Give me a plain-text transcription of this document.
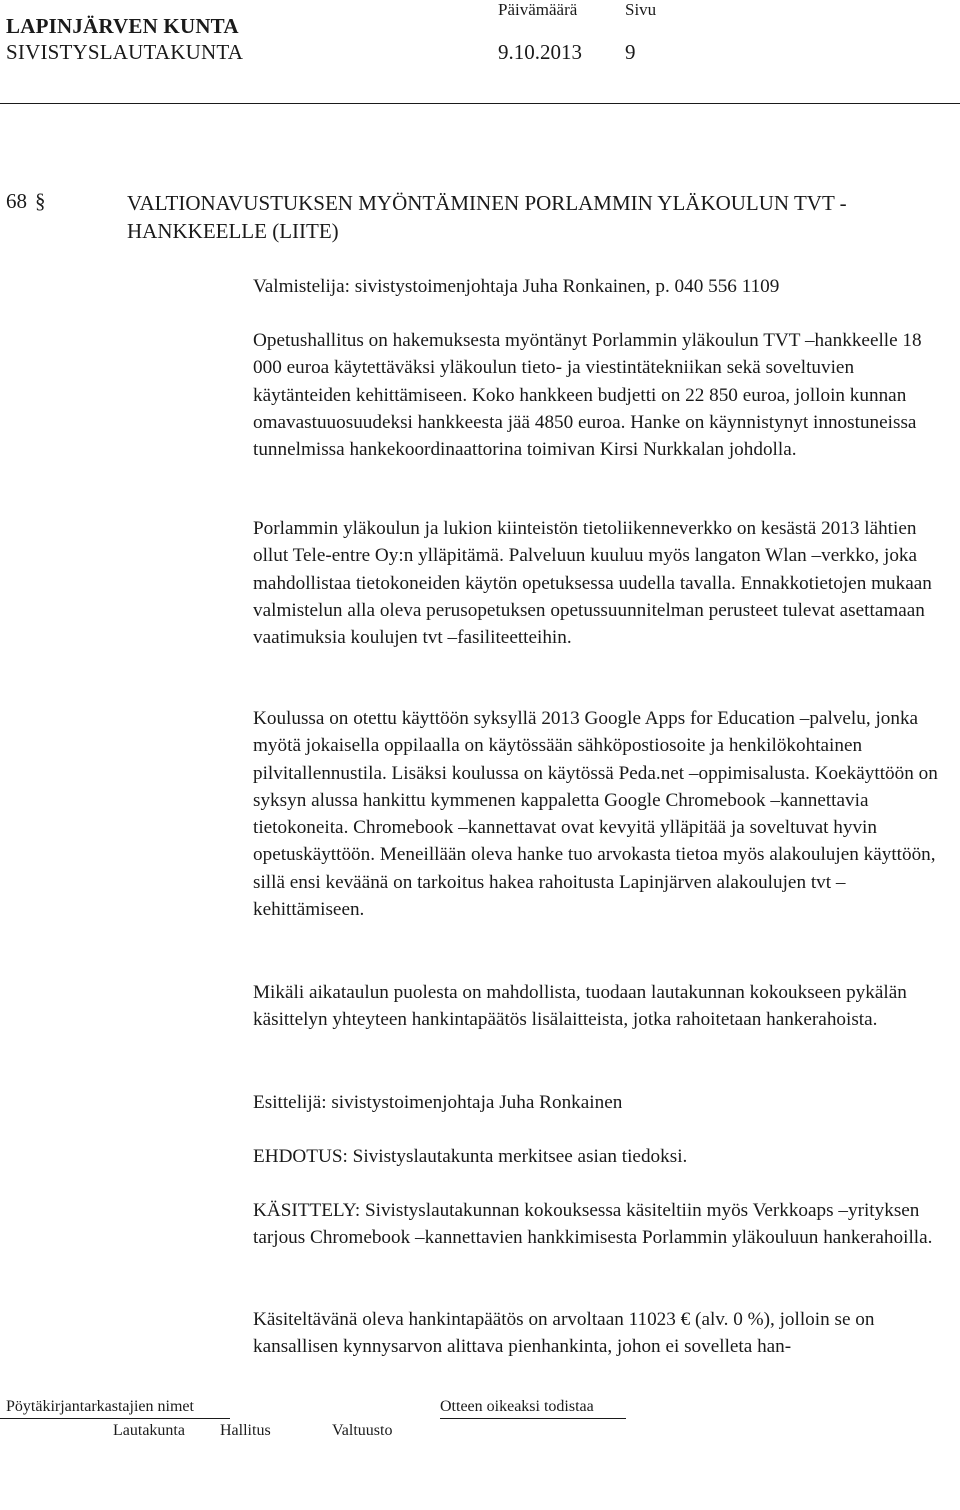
LAPINJÄRVEN KUNTA
SIVISTYSLAUTAKUNTA
Päivämäärä	Sivu
9.10.2013 9
68 §	VALTIONAVUSTUKSEN MYÖNTÄMINEN PORLAMMIN YLÄKOULUN TVT - HANKKEELLE (LIITE)
Valmistelija: sivistystoimenjohtaja Juha Ronkainen, p. 040 556 1109
Opetushallitus on hakemuksesta myöntänyt Porlammin yläkoulun TVT –hankkeelle 18 000 euroa käytettäväksi yläkoulun tieto- ja viestintätekniikan sekä soveltuvien käytänteiden kehittämiseen. Koko hankkeen budjetti on 22 850 euroa, jolloin kunnan omavastuuosuudeksi hankkeesta jää 4850 euroa. Hanke on käynnistynyt innostuneissa tunnelmissa hankekoordinaattorina toimivan Kirsi Nurkkalan johdolla.
Porlammin yläkoulun ja lukion kiinteistön tietoliikenneverkko on kesästä 2013 lähtien ollut Tele-entre Oy:n ylläpitämä. Palveluun kuuluu myös langaton Wlan –verkko, joka mahdollistaa tietokoneiden käytön opetuksessa uudella tavalla. Ennakkotietojen mukaan valmistelun alla oleva perusopetuksen opetussuunnitelman perusteet tulevat asettamaan vaatimuksia koulujen tvt –fasiliteetteihin.
Koulussa on otettu käyttöön syksyllä 2013 Google Apps for Education –palvelu, jonka myötä jokaisella oppilaalla on käytössään sähköpostiosoite ja henkilökohtainen pilvitallennustila. Lisäksi koulussa on käytössä Peda.net –oppimisalusta. Koekäyttöön on syksyn alussa hankittu kymmenen kappaletta Google Chromebook –kannettavia tietokoneita. Chromebook –kannettavat ovat kevyitä ylläpitää ja soveltuvat hyvin opetuskäyttöön. Meneillään oleva hanke tuo arvokasta tietoa myös alakoulujen käyttöön, sillä ensi keväänä on tarkoitus hakea rahoitusta Lapinjärven alakoulujen tvt –kehittämiseen.
Mikäli aikataulun puolesta on mahdollista, tuodaan lautakunnan kokoukseen pykälän käsittelyn yhteyteen hankintapäätös lisälaitteista, jotka rahoitetaan hankerahoista.
Esittelijä: sivistystoimenjohtaja Juha Ronkainen
EHDOTUS: Sivistyslautakunta merkitsee asian tiedoksi.
KÄSITTELY: Sivistyslautakunnan kokouksessa käsiteltiin myös Verkkoaps –yrityksen tarjous Chromebook –kannettavien hankkimisesta Porlammin yläkouluun hankerahoilla.
Käsiteltävänä oleva hankintapäätös on arvoltaan 11023 € (alv. 0 %), jolloin se on kansallisen kynnysarvon alittava pienhankinta, johon ei sovelleta han-
Pöytäkirjantarkastajien nimet	Otteen oikeaksi todistaa
Lautakunta Hallitus	Valtuusto
